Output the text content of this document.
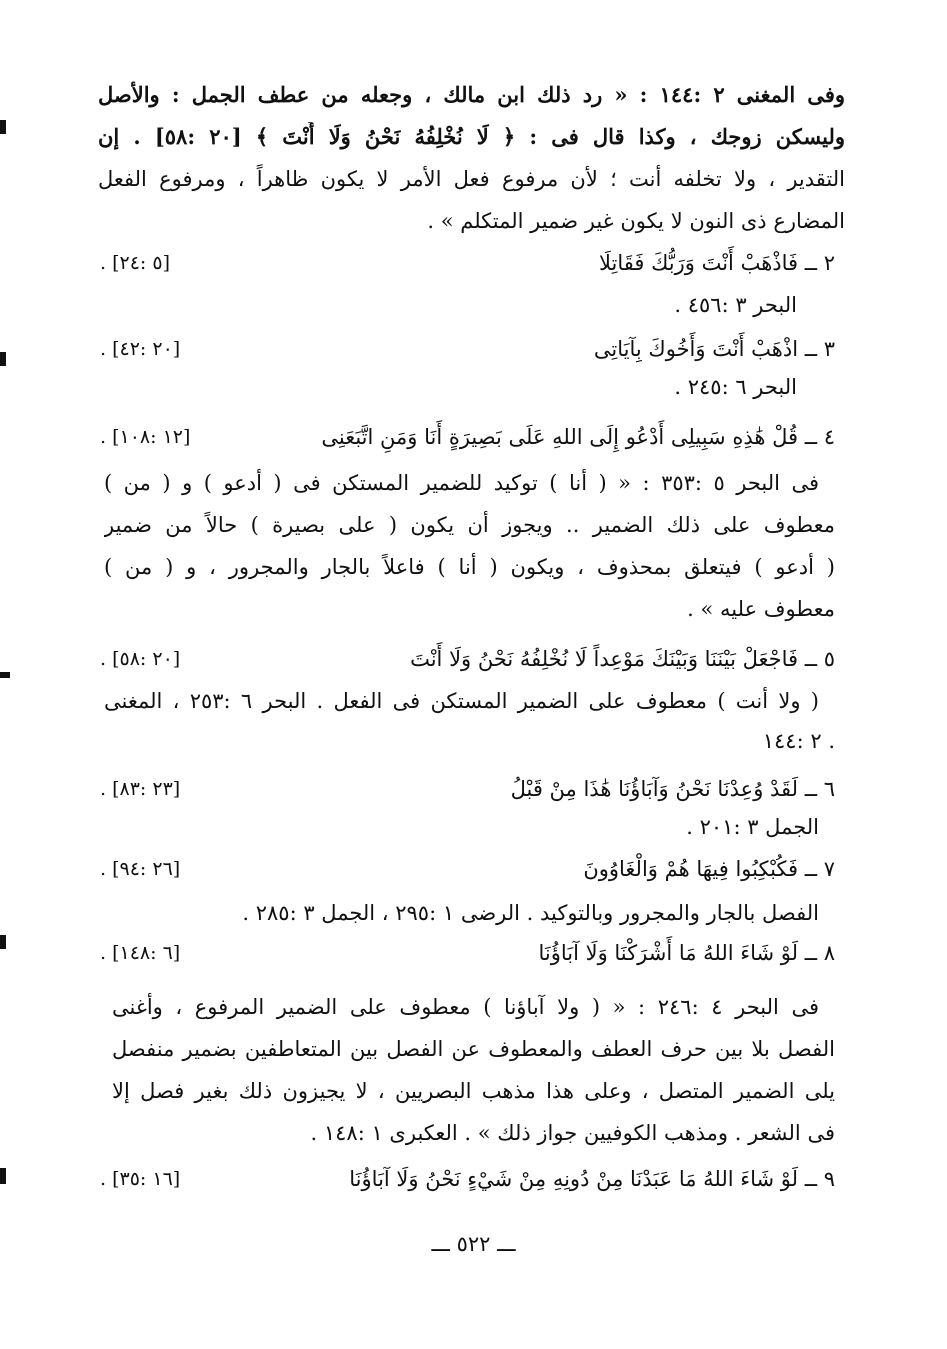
وفى المغنى ٢ :١٤٤ : « رد ذلك ابن مالك ، وجعله من عطف الجمل : والأصل
وليسكن زوجك ، وكذا قال فى : ﴿ لَا نُخْلِفُهُ نَحْنُ وَلَا أَنْتَ ﴾ [٢٠ :٥٨] . إن
التقدير ، ولا تخلفه أنت ؛ لأن مرفوع فعل الأمر لا يكون ظاهراً ، ومرفوع الفعل
المضارع ذى النون لا يكون غير ضمير المتكلم » .
٢ ــ فَاذْهَبْ أَنْتَ وَرَبُّكَ فَقَاتِلَا
. [٥ :٢٤]
البحر ٣ :٤٥٦ .
٣ ــ اذْهَبْ أَنْتَ وَأَخُوكَ بِآيَاتِى
. [٢٠ :٤٢]
البحر ٦ :٢٤٥ .
٤ ــ قُلْ هَٰذِهِ سَبِيلِى أَدْعُو إِلَى اللهِ عَلَى بَصِيرَةٍ أَنَا وَمَنِ اتَّبَعَنِى
. [١٢ :١٠٨]
فى البحر ٥ :٣٥٣ : « ( أنا ) توكيد للضمير المستكن فى ( أدعو ) و ( من )
معطوف على ذلك الضمير .. ويجوز أن يكون ( على بصيرة ) حالاً من ضمير
( أدعو ) فيتعلق بمحذوف ، ويكون ( أنا ) فاعلاً بالجار والمجرور ، و ( من )
معطوف عليه » .
٥ ــ فَاجْعَلْ بَيْنَنَا وَبَيْنَكَ مَوْعِداً لَا نُخْلِفُهُ نَحْنُ وَلَا أَنْتَ
. [٢٠ :٥٨]
( ولا أنت ) معطوف على الضمير المستكن فى الفعل . البحر ٦ :٢٥٣ ، المغنى
٢ :١٤٤ .
٦ ــ لَقَدْ وُعِدْنَا نَحْنُ وَآبَاؤُنَا هَٰذَا مِنْ قَبْلُ
. [٢٣ :٨٣]
الجمل ٣ :٢٠١ .
٧ ــ فَكُبْكِبُوا فِيهَا هُمْ وَالْغَاوُونَ
. [٢٦ :٩٤]
الفصل بالجار والمجرور وبالتوكيد . الرضى ١ :٢٩٥ ، الجمل ٣ :٢٨٥ .
٨ ــ لَوْ شَاءَ اللهُ مَا أَشْرَكْنَا وَلَا آبَاؤُنَا
. [٦ :١٤٨]
فى البحر ٤ :٢٤٦ : « ( ولا آباؤنا ) معطوف على الضمير المرفوع ، وأغنى
الفصل بلا بين حرف العطف والمعطوف عن الفصل بين المتعاطفين بضمير منفصل
يلى الضمير المتصل ، وعلى هذا مذهب البصريين ، لا يجيزون ذلك بغير فصل إلا
فى الشعر . ومذهب الكوفيين جواز ذلك » . العكبرى ١ :١٤٨ .
٩ ــ لَوْ شَاءَ اللهُ مَا عَبَدْنَا مِنْ دُونِهِ مِنْ شَيْءٍ نَحْنُ وَلَا آبَاؤُنَا
. [١٦ :٣٥]
ـــ ٥٢٢ ـــ
